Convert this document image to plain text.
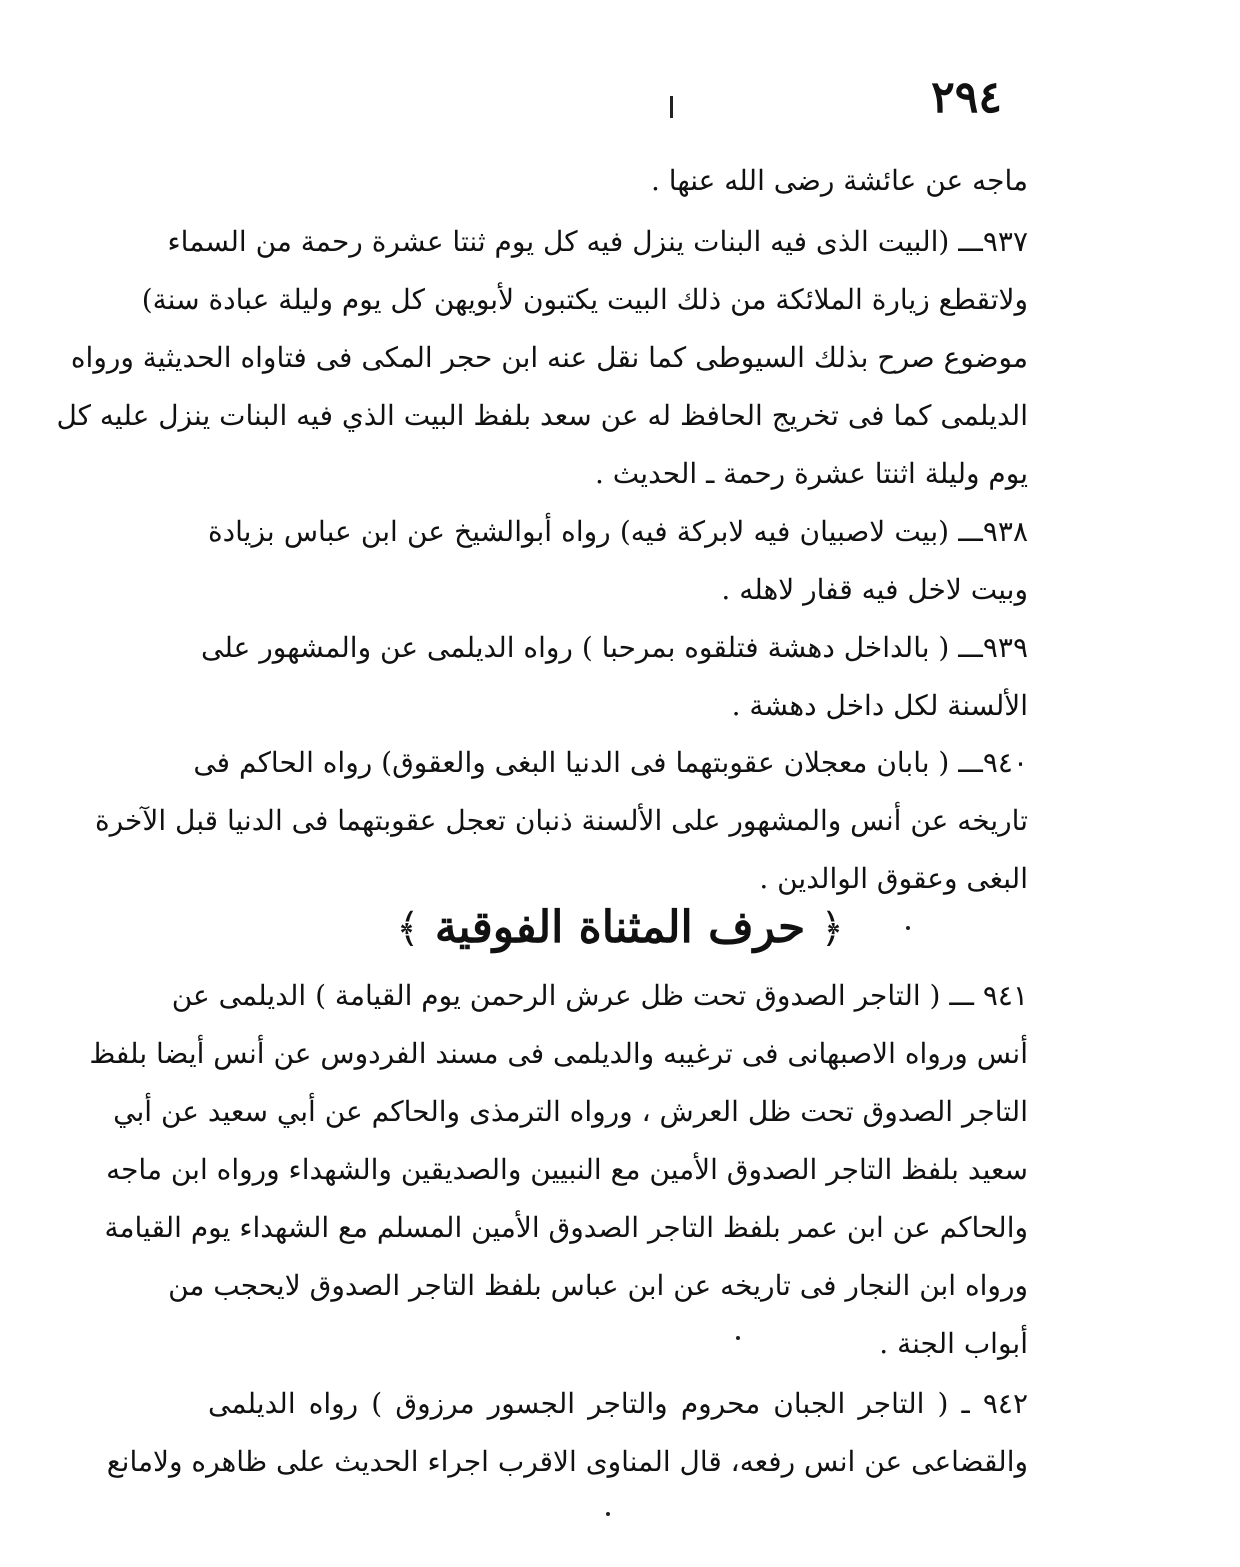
٢٩٤
ماجه عن عائشة رضى الله عنها .
٩٣٧ـــ (البيت الذى فيه البنات ينزل فيه كل يوم ثنتا عشرة رحمة من السماء
ولاتقطع زيارة الملائكة من ذلك البيت يكتبون لأبويهن كل يوم وليلة عبادة سنة)
موضوع صرح بذلك السيوطى كما نقل عنه ابن حجر المكى فى فتاواه الحديثية ورواه
الديلمى كما فى تخريج الحافظ له عن سعد بلفظ البيت الذي فيه البنات ينزل عليه كل
يوم وليلة اثنتا عشرة رحمة ـ الحديث .
٩٣٨ـــ (بيت لاصبيان فيه لابركة فيه) رواه أبوالشيخ عن ابن عباس بزيادة
وبيت لاخل فيه قفار لاهله .
٩٣٩ـــ ( بالداخل دهشة فتلقوه بمرحبا ) رواه الديلمى عن والمشهور على
الألسنة لكل داخل دهشة .
٩٤٠ـــ ( بابان معجلان عقوبتهما فى الدنيا البغى والعقوق) رواه الحاكم فى
تاريخه عن أنس والمشهور على الألسنة ذنبان تعجل عقوبتهما فى الدنيا قبل الآخرة
البغى وعقوق الوالدين .
﴿ حرف المثناة الفوقية ﴾
٩٤١ ـــ ( التاجر الصدوق تحت ظل عرش الرحمن يوم القيامة ) الديلمى عن
أنس ورواه الاصبهانى فى ترغيبه والديلمى فى مسند الفردوس عن أنس أيضا بلفظ
التاجر الصدوق تحت ظل العرش ، ورواه الترمذى والحاكم عن أبي سعيد عن أبي
سعيد بلفظ التاجر الصدوق الأمين مع النبيين والصديقين والشهداء ورواه ابن ماجه
والحاكم عن ابن عمر بلفظ التاجر الصدوق الأمين المسلم مع الشهداء يوم القيامة
ورواه ابن النجار فى تاريخه عن ابن عباس بلفظ التاجر الصدوق لايحجب من
أبواب الجنة .
٩٤٢ ـ ( التاجر الجبان محروم والتاجر الجسور مرزوق ) رواه الديلمى
والقضاعى عن انس رفعه، قال المناوى الاقرب اجراء الحديث على ظاهره ولامانع
